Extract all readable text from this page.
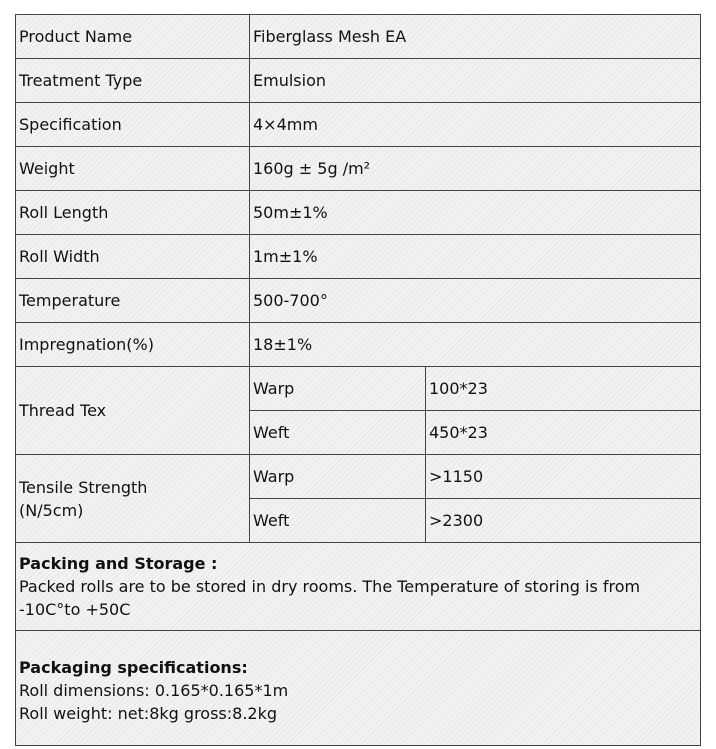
Product Name	Fiberglass Mesh EA	
Treatment Type	Emulsion	
Specification	4×4mm	
Weight	160g ± 5g /m²	
Roll Length	50m±1%	
Roll Width	1m±1%	
Temperature	500-700°	
Impregnation(%)	18±1%	
Thread Tex	Warp	100*23
	Weft	450*23

Tensile Strength
(N/5cm)	Warp	>1150
	Weft	>2300

Packing and Storage :
Packed rolls are to be stored in dry rooms. The Temperature of storing is from -10C°to +50C		

Packaging specifications:
Roll dimensions: 0.165*0.165*1m
Roll weight: net:8kg gross:8.2kg		
